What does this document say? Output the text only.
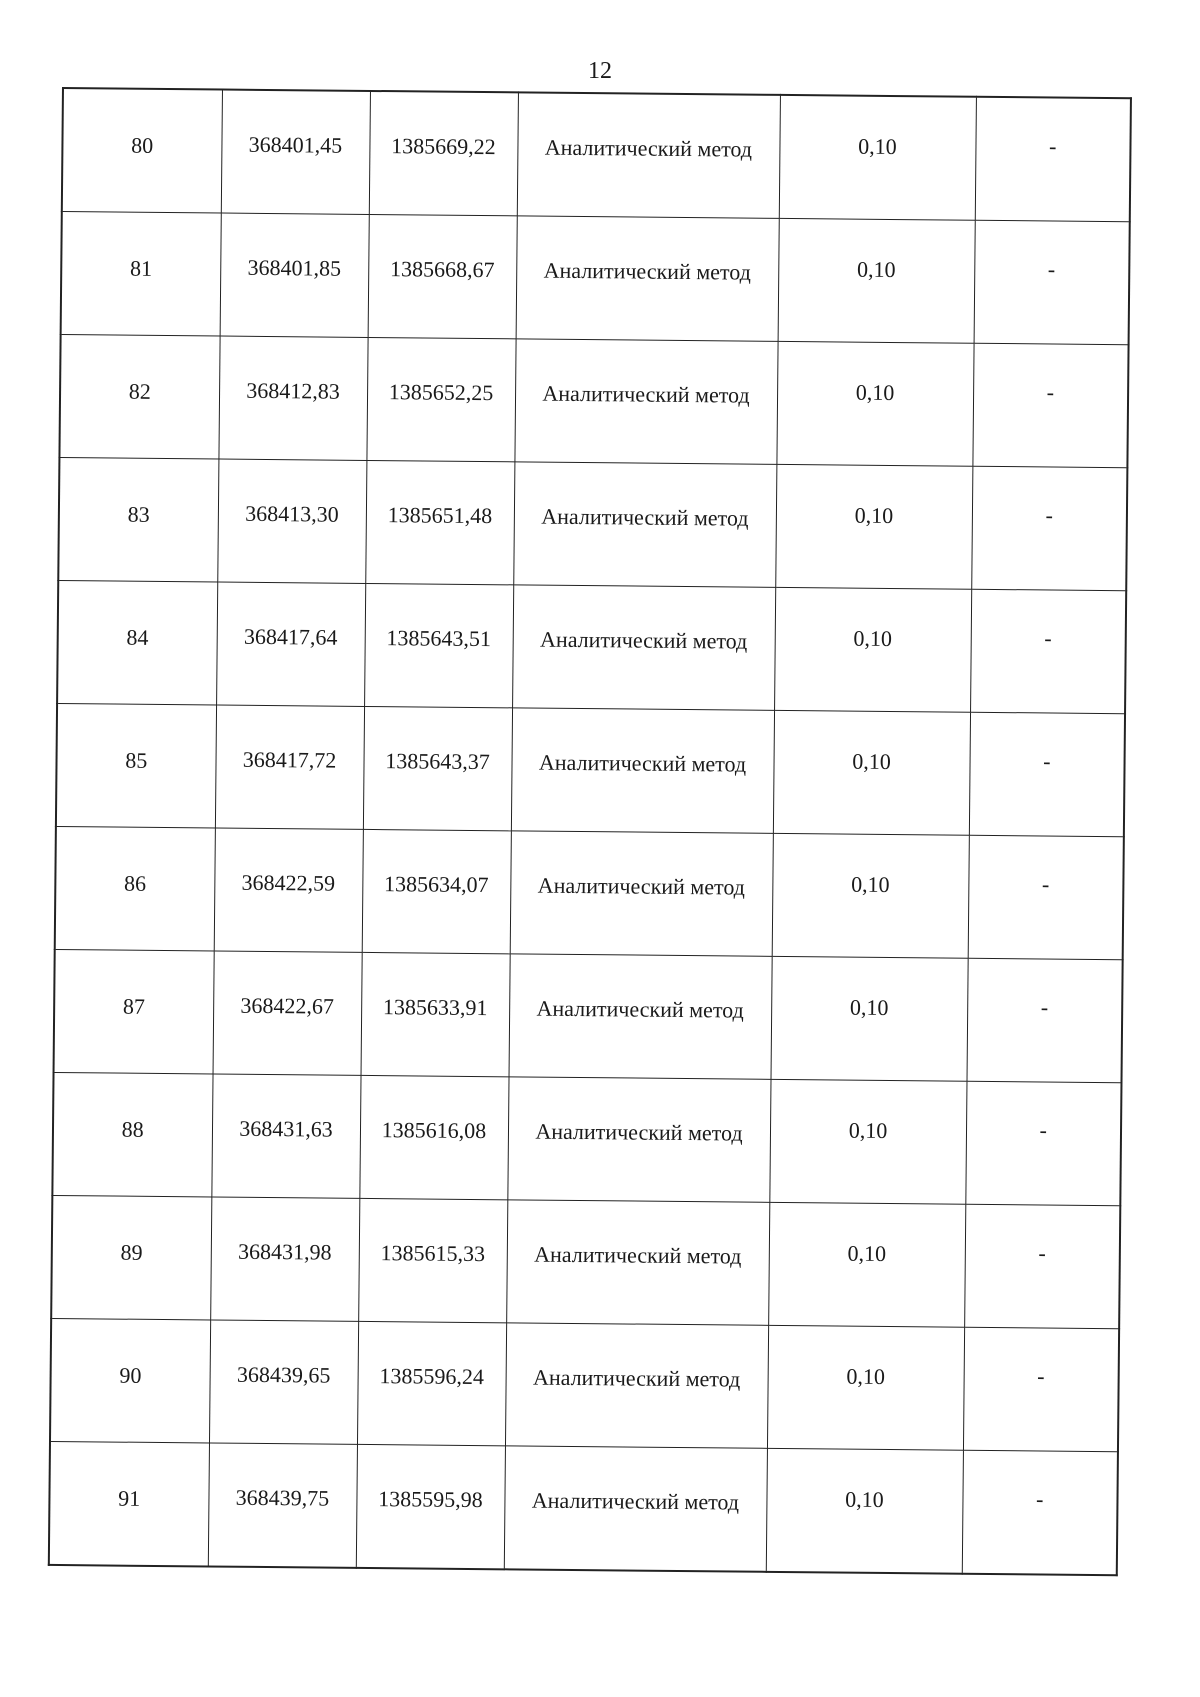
12
80	368401,45	1385669,22	Аналитический метод	0,10	-

81	368401,85	1385668,67	Аналитический метод	0,10	-

82	368412,83	1385652,25	Аналитический метод	0,10	-

83	368413,30	1385651,48	Аналитический метод	0,10	-

84	368417,64	1385643,51	Аналитический метод	0,10	-

85	368417,72	1385643,37	Аналитический метод	0,10	-

86	368422,59	1385634,07	Аналитический метод	0,10	-

87	368422,67	1385633,91	Аналитический метод	0,10	-

88	368431,63	1385616,08	Аналитический метод	0,10	-

89	368431,98	1385615,33	Аналитический метод	0,10	-

90	368439,65	1385596,24	Аналитический метод	0,10	-

91	368439,75	1385595,98	Аналитический метод	0,10	-
